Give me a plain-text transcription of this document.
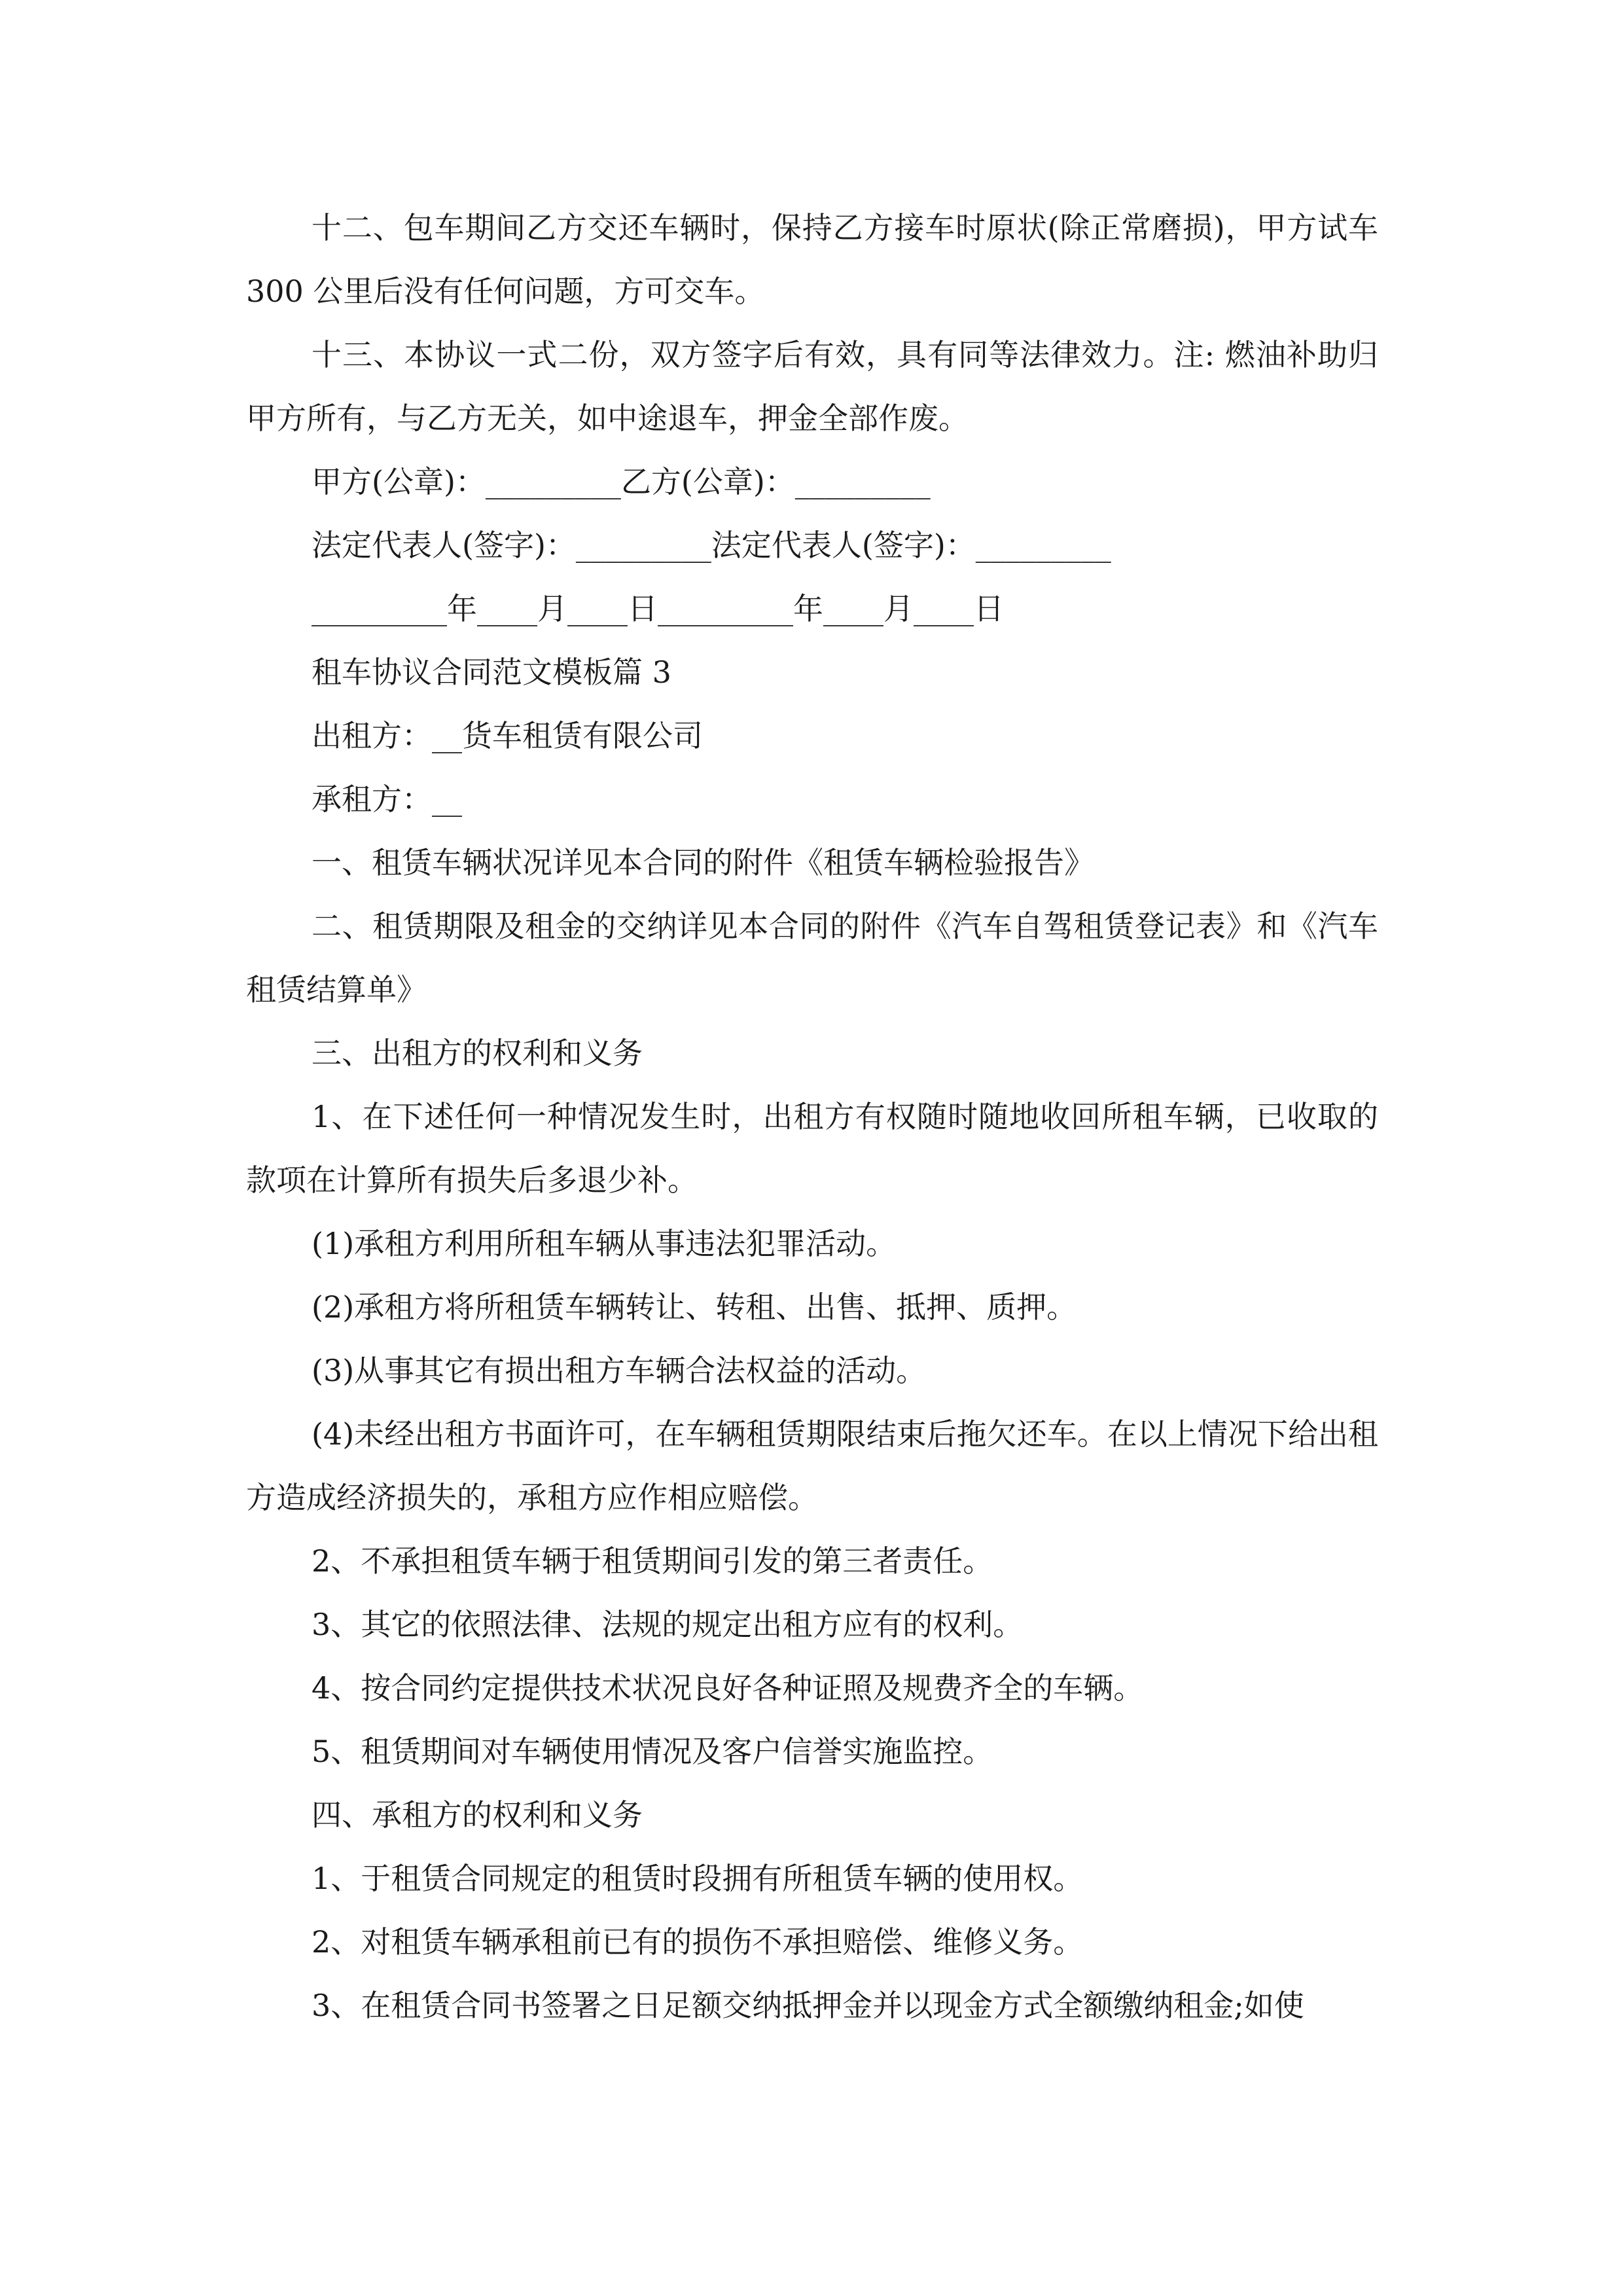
十二、包车期间乙方交还车辆时，保持乙方接车时原状(除正常磨损)，甲方试车 300 公里后没有任何问题，方可交车。

十三、本协议一式二份，双方签字后有效，具有同等法律效力。注: 燃油补助归甲方所有，与乙方无关，如中途退车，押金全部作废。

甲方(公章)：_________乙方(公章)：_________

法定代表人(签字)：_________法定代表人(签字)：_________

_________年____月____日_________年____月____日

租车协议合同范文模板篇 3

出租方：__货车租赁有限公司

承租方：__

一、租赁车辆状况详见本合同的附件《租赁车辆检验报告》

二、租赁期限及租金的交纳详见本合同的附件《汽车自驾租赁登记表》和《汽车租赁结算单》

三、出租方的权利和义务

1、在下述任何一种情况发生时，出租方有权随时随地收回所租车辆，已收取的款项在计算所有损失后多退少补。

(1)承租方利用所租车辆从事违法犯罪活动。

(2)承租方将所租赁车辆转让、转租、出售、抵押、质押。

(3)从事其它有损出租方车辆合法权益的活动。

(4)未经出租方书面许可，在车辆租赁期限结束后拖欠还车。在以上情况下给出租方造成经济损失的，承租方应作相应赔偿。

2、不承担租赁车辆于租赁期间引发的第三者责任。

3、其它的依照法律、法规的规定出租方应有的权利。

4、按合同约定提供技术状况良好各种证照及规费齐全的车辆。

5、租赁期间对车辆使用情况及客户信誉实施监控。

四、承租方的权利和义务

1、于租赁合同规定的租赁时段拥有所租赁车辆的使用权。

2、对租赁车辆承租前已有的损伤不承担赔偿、维修义务。

3、在租赁合同书签署之日足额交纳抵押金并以现金方式全额缴纳租金;如使
